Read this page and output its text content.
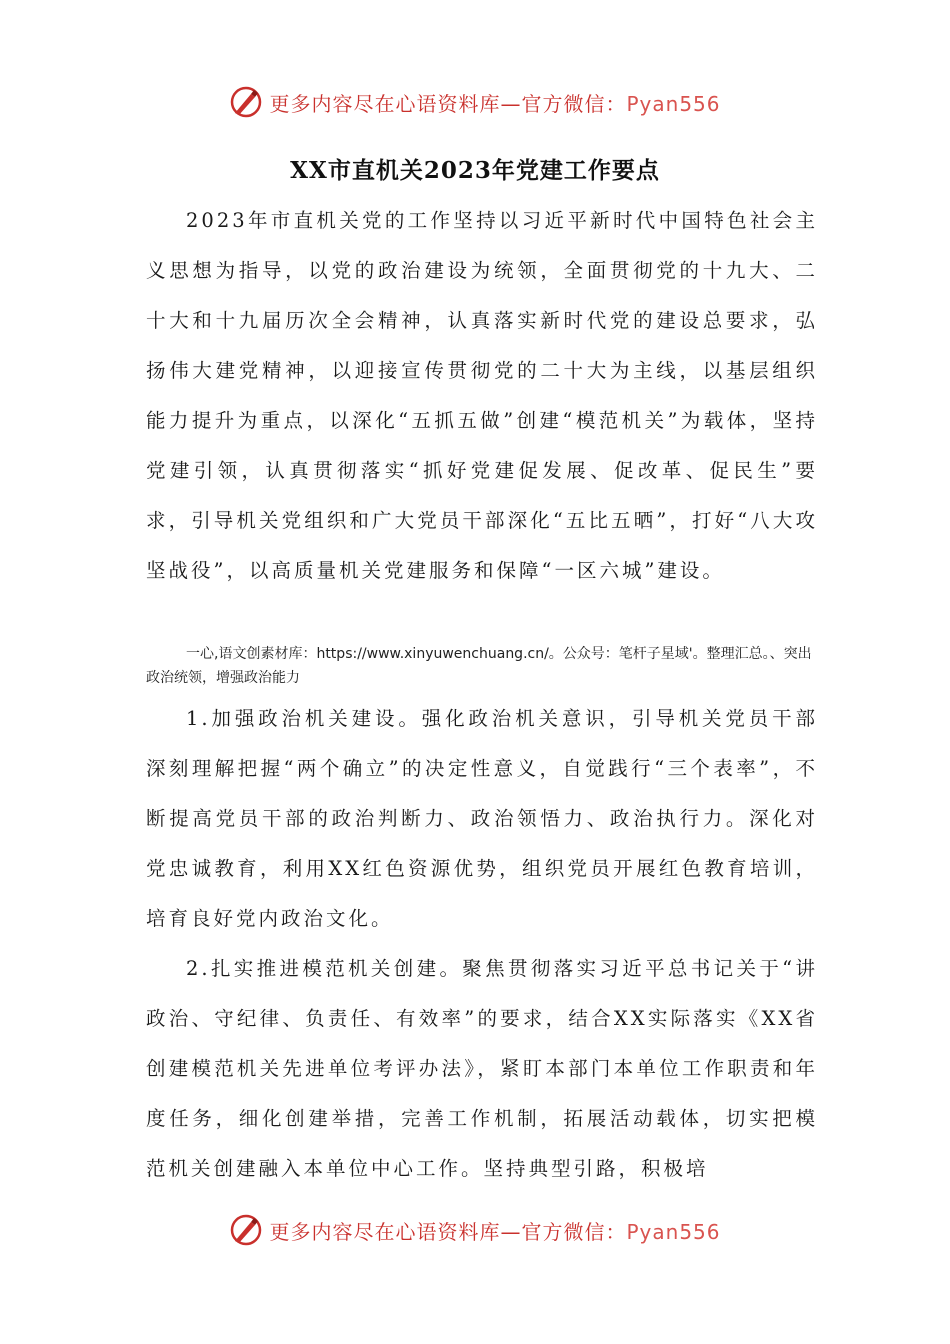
更多内容尽在心语资料库—官方微信：Pyan556
XX市直机关2023年党建工作要点

2023年市直机关党的工作坚持以习近平新时代中国特色社会主义思想为指导，以党的政治建设为统领，全面贯彻党的十九大、二十大和十九届历次全会精神，认真落实新时代党的建设总要求，弘扬伟大建党精神，以迎接宣传贯彻党的二十大为主线，以基层组织能力提升为重点，以深化“五抓五做”创建“模范机关”为载体，坚持党建引领，认真贯彻落实“抓好党建促发展、促改革、促民生”要求，引导机关党组织和广大党员干部深化“五比五晒”，打好“八大攻坚战役”，以高质量机关党建服务和保障“一区六城”建设。

一心,语文创素材库：https://www.xinyuwenchuang.cn/。公众号：笔杆子星域'。整理汇总。、突出政治统领，增强政治能力

1.加强政治机关建设。强化政治机关意识，引导机关党员干部深刻理解把握“两个确立”的决定性意义，自觉践行“三个表率”，不断提高党员干部的政治判断力、政治领悟力、政治执行力。深化对党忠诚教育，利用XX红色资源优势，组织党员开展红色教育培训，培育良好党内政治文化。

2.扎实推进模范机关创建。聚焦贯彻落实习近平总书记关于“讲政治、守纪律、负责任、有效率”的要求，结合XX实际落实《XX省创建模范机关先进单位考评办法》，紧盯本部门本单位工作职责和年度任务，细化创建举措，完善工作机制，拓展活动载体，切实把模范机关创建融入本单位中心工作。坚持典型引路，积极培

更多内容尽在心语资料库—官方微信：Pyan556
